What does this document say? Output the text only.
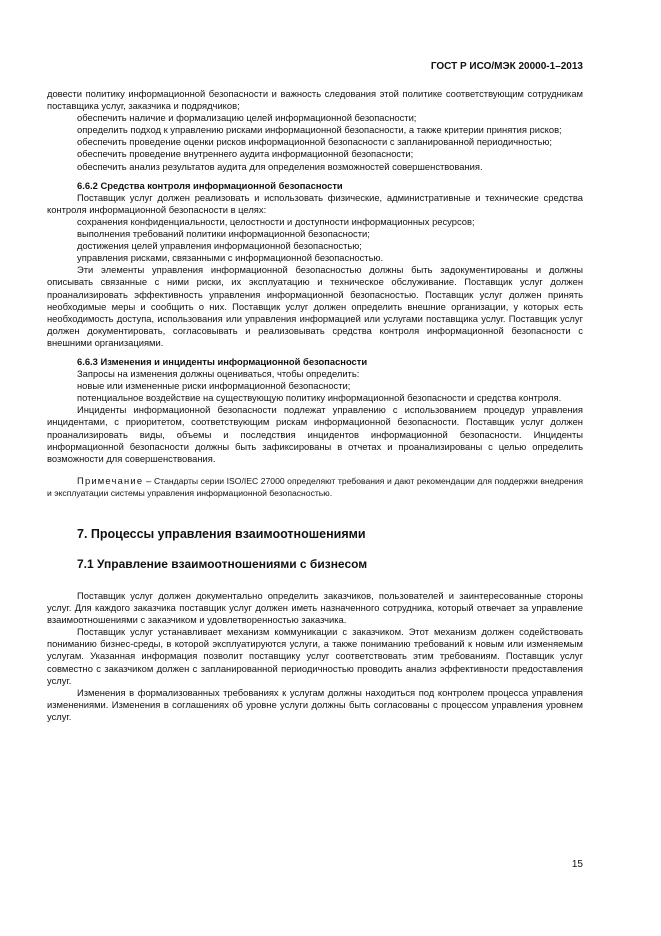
ГОСТ Р ИСО/МЭК 20000-1–2013

довести политику информационной безопасности и важность следования этой политике соответствующим сотрудникам поставщика услуг, заказчика и подрядчиков;

обеспечить наличие и формализацию целей информационной безопасности;

определить подход к управлению рисками информационной безопасности, а также критерии принятия рисков;

обеспечить проведение оценки рисков информационной безопасности с запланированной периодичностью;

обеспечить проведение внутреннего аудита информационной безопасности;

обеспечить анализ результатов аудита для определения возможностей совершенствования.

6.6.2 Средства контроля информационной безопасности

Поставщик услуг должен реализовать и использовать физические, административные и технические средства контроля информационной безопасности в целях:

сохранения конфиденциальности, целостности и доступности информационных ресурсов;

выполнения требований политики информационной безопасности;

достижения целей управления информационной безопасностью;

управления рисками, связанными с информационной безопасностью.

Эти элементы управления информационной безопасностью должны быть задокументированы и должны описывать связанные с ними риски, их эксплуатацию и техническое обслуживание. Поставщик услуг должен проанализировать эффективность управления информационной безопасностью. Поставщик услуг должен принять необходимые меры и сообщить о них. Поставщик услуг должен определить внешние организации, у которых есть необходимость доступа, использования или управления информацией или услугами поставщика услуг. Поставщик услуг должен документировать, согласовывать и реализовывать средства контроля информационной безопасности с внешними организациями.

6.6.3 Изменения и инциденты информационной безопасности

Запросы на изменения должны оцениваться, чтобы определить:

новые или измененные риски информационной безопасности;

потенциальное воздействие на существующую политику информационной безопасности и средства контроля.

Инциденты информационной безопасности подлежат управлению с использованием процедур управления инцидентами, с приоритетом, соответствующим рискам информационной безопасности. Поставщик услуг должен проанализировать виды, объемы и последствия инцидентов информационной безопасности. Инциденты информационной безопасности должны быть зафиксированы в отчетах и проанализированы с целью определить возможности для совершенствования.

Примечание – Стандарты серии ISO/IEC 27000 определяют требования и дают рекомендации для поддержки внедрения и эксплуатации системы управления информационной безопасностью.

7. Процессы управления взаимоотношениями
7.1 Управление взаимоотношениями с бизнесом

Поставщик услуг должен документально определить заказчиков, пользователей и заинтересованные стороны услуг. Для каждого заказчика поставщик услуг должен иметь назначенного сотрудника, который отвечает за управление взаимоотношениями с заказчиком и удовлетворенностью заказчика.

Поставщик услуг устанавливает механизм коммуникации с заказчиком. Этот механизм должен содействовать пониманию бизнес-среды, в которой эксплуатируются услуги, а также пониманию требований к новым или изменяемым услугам. Указанная информация позволит поставщику услуг соответствовать этим требованиям. Поставщик услуг совместно с заказчиком должен с запланированной периодичностью проводить анализ эффективности предоставления услуг.

Изменения в формализованных требованиях к услугам должны находиться под контролем процесса управления изменениями. Изменения в соглашениях об уровне услуги должны быть согласованы с процессом управления уровнем услуг.

15
